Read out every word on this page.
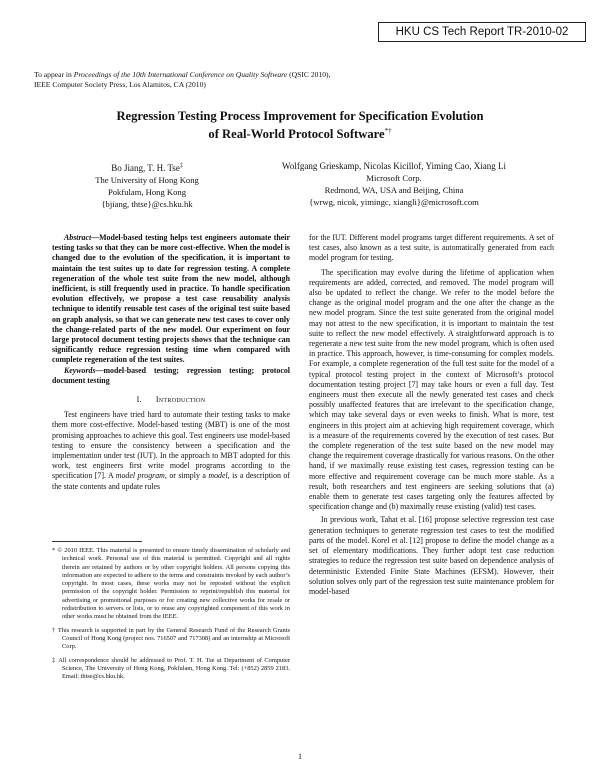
HKU CS Tech Report TR-2010-02
To appear in Proceedings of the 10th International Conference on Quality Software (QSIC 2010),
IEEE Computer Society Press, Los Alamitos, CA (2010)
Regression Testing Process Improvement for Specification Evolution
of Real-World Protocol Software*†
Bo Jiang, T. H. Tse‡
The University of Hong Kong
Pokfulam, Hong Kong
{bjiang, thtse}@cs.hku.hk
Wolfgang Grieskamp, Nicolas Kicillof, Yiming Cao, Xiang Li
Microsoft Corp.
Redmond, WA, USA and Beijing, China
{wrwg, nicok, yimingc, xiangli}@microsoft.com

Abstract—Model-based testing helps test engineers automate their testing tasks so that they can be more cost-effective. When the model is changed due to the evolution of the specification, it is important to maintain the test suites up to date for regression testing. A complete regeneration of the whole test suite from the new model, although inefficient, is still frequently used in practice. To handle specification evolution effectively, we propose a test case reusability analysis technique to identify reusable test cases of the original test suite based on graph analysis, so that we can generate new test cases to cover only the change-related parts of the new model. Our experiment on four large protocol document testing projects shows that the technique can significantly reduce regression testing time when compared with complete regeneration of the test suites.

Keywords—model-based testing; regression testing; protocol document testing

I. Introduction

Test engineers have tried hard to automate their testing tasks to make them more cost-effective. Model-based testing (MBT) is one of the most promising approaches to achieve this goal. Test engineers use model-based testing to ensure the consistency between a specification and the implementation under test (IUT). In the approach to MBT adopted for this work, test engineers first write model programs according to the specification [7]. A model program, or simply a model, is a description of the state contents and update rules

* © 2010 IEEE. This material is presented to ensure timely dissemination of scholarly and technical work. Personal use of this material is permitted. Copyright and all rights therein are retained by authors or by other copyright holders. All persons copying this information are expected to adhere to the terms and constraints invoked by each author’s copyright. In most cases, these works may not be reposted without the explicit permission of the copyright holder. Permission to reprint/republish this material for advertising or promotional purposes or for creating new collective works for resale or redistribution to servers or lists, or to reuse any copyrighted component of this work in other works must be obtained from the IEEE.
† This research is supported in part by the General Research Fund of the Research Grants Council of Hong Kong (project nos. 716507 and 717308) and an internship at Microsoft Corp.
‡ All correspondence should be addressed to Prof. T. H. Tse at Department of Computer Science, The University of Hong Kong, Pokfulam, Hong Kong. Tel: (+852) 2859 2183. Email: thtse@cs.hku.hk.

for the IUT. Different model programs target different requirements. A set of test cases, also known as a test suite, is automatically generated from each model program for testing.

The specification may evolve during the lifetime of application when requirements are added, corrected, and removed. The model program will also be updated to reflect the change. We refer to the model before the change as the original model program and the one after the change as the new model program. Since the test suite generated from the original model may not attest to the new specification, it is important to maintain the test suite to reflect the new model effectively. A straightforward approach is to regenerate a new test suite from the new model program, which is often used in practice. This approach, however, is time-consuming for complex models. For example, a complete regeneration of the full test suite for the model of a typical protocol testing project in the context of Microsoft’s protocol documentation testing project [7] may take hours or even a full day. Test engineers must then execute all the newly generated test cases and check possibly unaffected features that are irrelevant to the specification change, which may take several days or even weeks to finish. What is more, test engineers in this project aim at achieving high requirement coverage, which is a measure of the requirements covered by the execution of test cases. But the complete regeneration of the test suite based on the new model may change the requirement coverage drastically for various reasons. On the other hand, if we maximally reuse existing test cases, regression testing can be more effective and requirement coverage can be much more stable. As a result, both researchers and test engineers are seeking solutions that (a) enable them to generate test cases targeting only the features affected by specification change and (b) maximally reuse existing (valid) test cases.

In previous work, Tahat et al. [16] propose selective regression test case generation techniques to generate regression test cases to test the modified parts of the model. Korel et al. [12] propose to define the model change as a set of elementary modifications. They further adopt test case reduction strategies to reduce the regression test suite based on dependence analysis of deterministic Extended Finite State Machines (EFSM). However, their solution solves only part of the regression test suite maintenance problem for model-based

1
